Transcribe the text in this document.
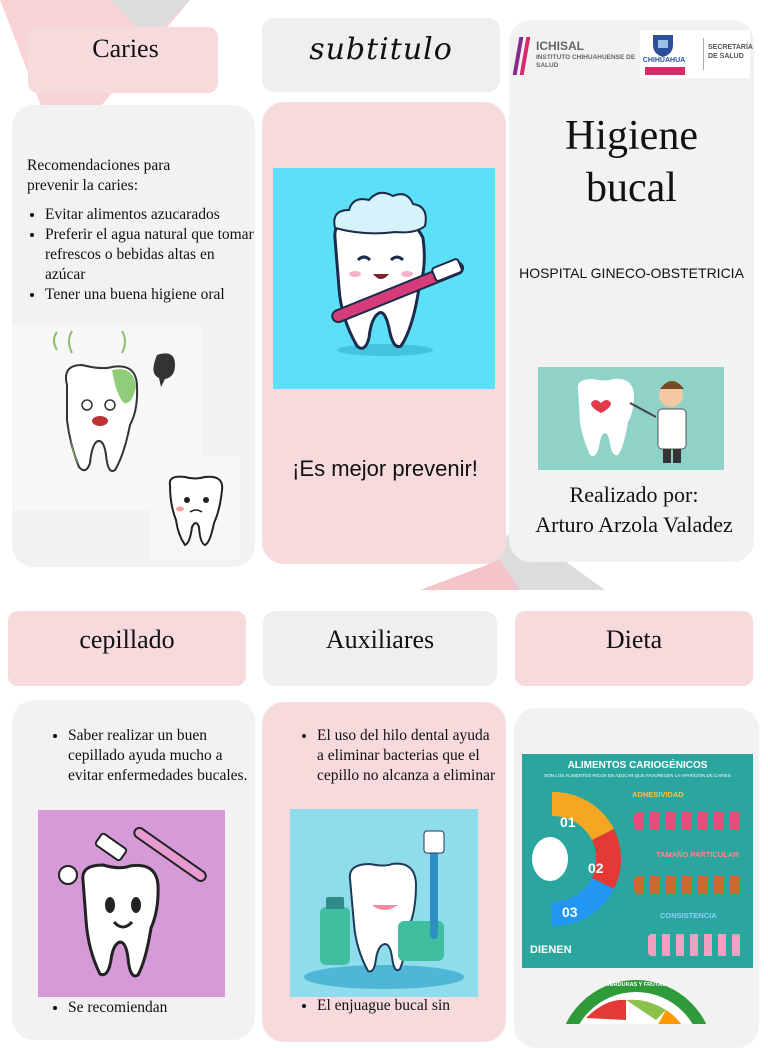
Caries
Recomendaciones para prevenir la caries:
• Evitar alimentos azucarados
• Preferir el agua natural que tomar refrescos o bebidas altas en azúcar
• Tener una buena higiene oral
subtitulo
¡Es mejor prevenir!
ICHISAL
INSTITUTO CHIHUAHUENSE DE SALUD
CHIHUAHUA
SECRETARÍA DE SALUD
Higiene
bucal
HOSPITAL GINECO-OBSTETRICIA
Realizado por:
Arturo Arzola Valadez
cepillado	Auxiliares	Dieta
• Saber realizar un buen cepillado ayuda mucho a evitar enfermedades bucales.
• Se recomiendan
• El uso del hilo dental ayuda a eliminar bacterias que el cepillo no alcanza a eliminar
• El enjuague bucal sin
ALIMENTOS CARIOGÉNICOS
SON LOS ALIMENTOS RICOS EN AZÚCAR QUE FAVORECEN LA APARICIÓN DE CARIES
01
02
03
ADHESIVIDAD
TAMAÑO PARTICULAR
CONSISTENCIA
DIENEN
VERDURAS Y FRUTAS
